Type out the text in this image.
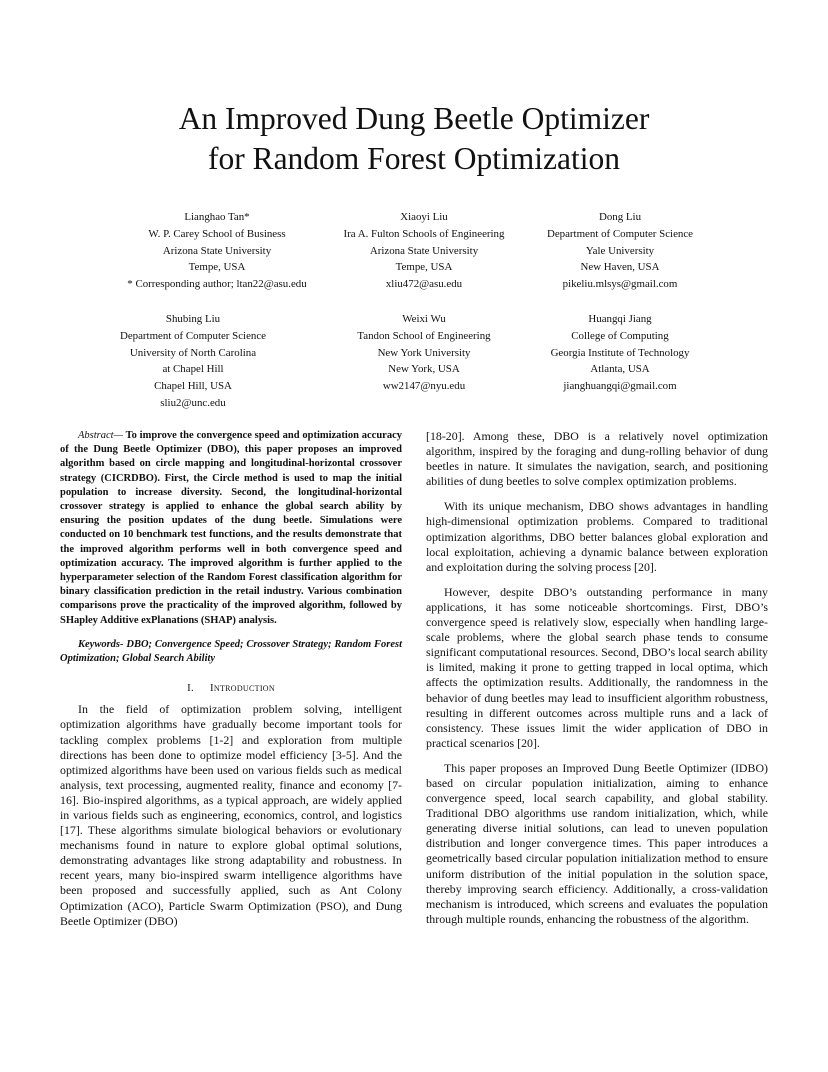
An Improved Dung Beetle Optimizer
for Random Forest Optimization
Lianghao Tan*
W. P. Carey School of Business
Arizona State University
Tempe, USA
* Corresponding author; ltan22@asu.edu
Xiaoyi Liu
Ira A. Fulton Schools of Engineering
Arizona State University
Tempe, USA
xliu472@asu.edu
Dong Liu
Department of Computer Science
Yale University
New Haven, USA
pikeliu.mlsys@gmail.com
Shubing Liu
Department of Computer Science
University of North Carolina
at Chapel Hill
Chapel Hill, USA
sliu2@unc.edu
Weixi Wu
Tandon School of Engineering
New York University
New York, USA
ww2147@nyu.edu
Huangqi Jiang
College of Computing
Georgia Institute of Technology
Atlanta, USA
jianghuangqi@gmail.com

Abstract— To improve the convergence speed and optimization accuracy of the Dung Beetle Optimizer (DBO), this paper proposes an improved algorithm based on circle mapping and longitudinal-horizontal crossover strategy (CICRDBO). First, the Circle method is used to map the initial population to increase diversity. Second, the longitudinal-horizontal crossover strategy is applied to enhance the global search ability by ensuring the position updates of the dung beetle. Simulations were conducted on 10 benchmark test functions, and the results demonstrate that the improved algorithm performs well in both convergence speed and optimization accuracy. The improved algorithm is further applied to the hyperparameter selection of the Random Forest classification algorithm for binary classification prediction in the retail industry. Various combination comparisons prove the practicality of the improved algorithm, followed by SHapley Additive exPlanations (SHAP) analysis.

Keywords- DBO; Convergence Speed; Crossover Strategy; Random Forest Optimization; Global Search Ability

I. Introduction

In the field of optimization problem solving, intelligent optimization algorithms have gradually become important tools for tackling complex problems [1-2] and exploration from multiple directions has been done to optimize model efficiency [3-5]. And the optimized algorithms have been used on various fields such as medical analysis, text processing, augmented reality, finance and economy [7-16]. Bio-inspired algorithms, as a typical approach, are widely applied in various fields such as engineering, economics, control, and logistics [17]. These algorithms simulate biological behaviors or evolutionary mechanisms found in nature to explore global optimal solutions, demonstrating advantages like strong adaptability and robustness. In recent years, many bio-inspired swarm intelligence algorithms have been proposed and successfully applied, such as Ant Colony Optimization (ACO), Particle Swarm Optimization (PSO), and Dung Beetle Optimizer (DBO)

[18-20]. Among these, DBO is a relatively novel optimization algorithm, inspired by the foraging and dung-rolling behavior of dung beetles in nature. It simulates the navigation, search, and positioning abilities of dung beetles to solve complex optimization problems.

With its unique mechanism, DBO shows advantages in handling high-dimensional optimization problems. Compared to traditional optimization algorithms, DBO better balances global exploration and local exploitation, achieving a dynamic balance between exploration and exploitation during the solving process [20].

However, despite DBO’s outstanding performance in many applications, it has some noticeable shortcomings. First, DBO’s convergence speed is relatively slow, especially when handling large-scale problems, where the global search phase tends to consume significant computational resources. Second, DBO’s local search ability is limited, making it prone to getting trapped in local optima, which affects the optimization results. Additionally, the randomness in the behavior of dung beetles may lead to insufficient algorithm robustness, resulting in different outcomes across multiple runs and a lack of consistency. These issues limit the wider application of DBO in practical scenarios [20].

This paper proposes an Improved Dung Beetle Optimizer (IDBO) based on circular population initialization, aiming to enhance convergence speed, local search capability, and global stability. Traditional DBO algorithms use random initialization, which, while generating diverse initial solutions, can lead to uneven population distribution and longer convergence times. This paper introduces a geometrically based circular population initialization method to ensure uniform distribution of the initial population in the solution space, thereby improving search efficiency. Additionally, a cross-validation mechanism is introduced, which screens and evaluates the population through multiple rounds, enhancing the robustness of the algorithm.
